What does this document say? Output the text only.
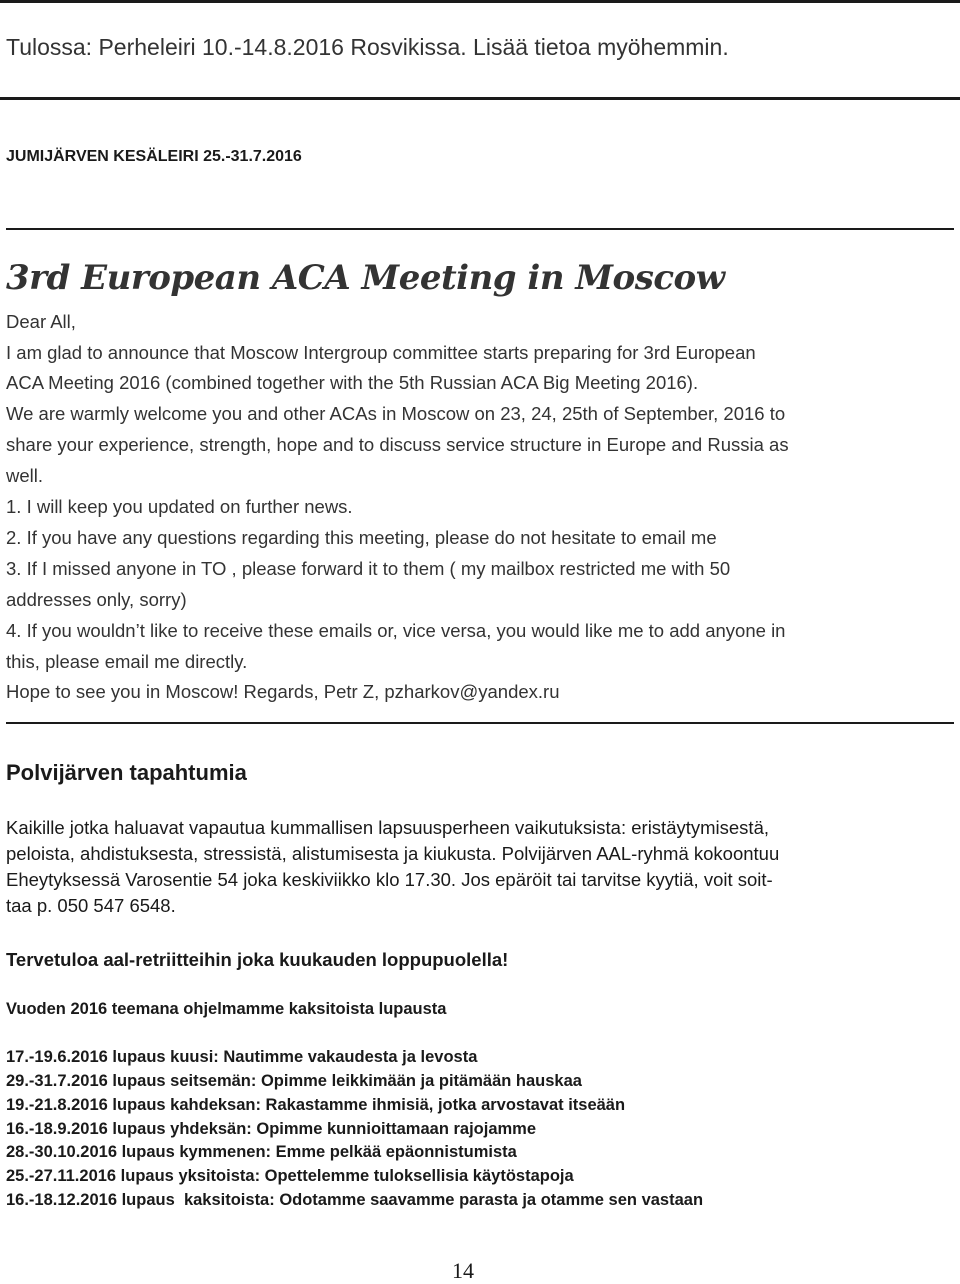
Tulossa: Perheleiri 10.-14.8.2016 Rosvikissa. Lisää tietoa myöhemmin.

JUMIJÄRVEN KESÄLEIRI 25.-31.7.2016

3rd European ACA Meeting in Moscow

Dear All,

I am glad to announce that Moscow Intergroup committee starts preparing for 3rd European

ACA Meeting 2016 (combined together with the 5th Russian ACA Big Meeting 2016).

We are warmly welcome you and other ACAs in Moscow on 23, 24, 25th of September, 2016 to

share your experience, strength, hope and to discuss service structure in Europe and Russia as

well.

1. I will keep you updated on further news.

2. If you have any questions regarding this meeting, please do not hesitate to email me

3. If I missed anyone in TO , please forward it to them ( my mailbox restricted me with 50

addresses only, sorry)

4. If you wouldn’t like to receive these emails or, vice versa, you would like me to add anyone in

this, please email me directly.

Hope to see you in Moscow! Regards, Petr Z, pzharkov@yandex.ru

Polvijärven tapahtumia

Kaikille jotka haluavat vapautua kummallisen lapsuusperheen vaikutuksista: eristäytymisestä,

peloista, ahdistuksesta, stressistä, alistumisesta ja kiukusta. Polvijärven AAL-ryhmä kokoontuu

Eheytyksessä Varosentie 54 joka keskiviikko klo 17.30. Jos epäröit tai tarvitse kyytiä, voit soit-

taa p. 050 547 6548.

Tervetuloa aal-retriitteihin joka kuukauden loppupuolella!

Vuoden 2016 teemana ohjelmamme kaksitoista lupausta

17.-19.6.2016 lupaus kuusi: Nautimme vakaudesta ja levosta

29.-31.7.2016 lupaus seitsemän: Opimme leikkimään ja pitämään hauskaa

19.-21.8.2016 lupaus kahdeksan: Rakastamme ihmisiä, jotka arvostavat itseään

16.-18.9.2016 lupaus yhdeksän: Opimme kunnioittamaan rajojamme

28.-30.10.2016 lupaus kymmenen: Emme pelkää epäonnistumista

25.-27.11.2016 lupaus yksitoista: Opettelemme tuloksellisia käytöstapoja

16.-18.12.2016 lupaus  kaksitoista: Odotamme saavamme parasta ja otamme sen vastaan

14
